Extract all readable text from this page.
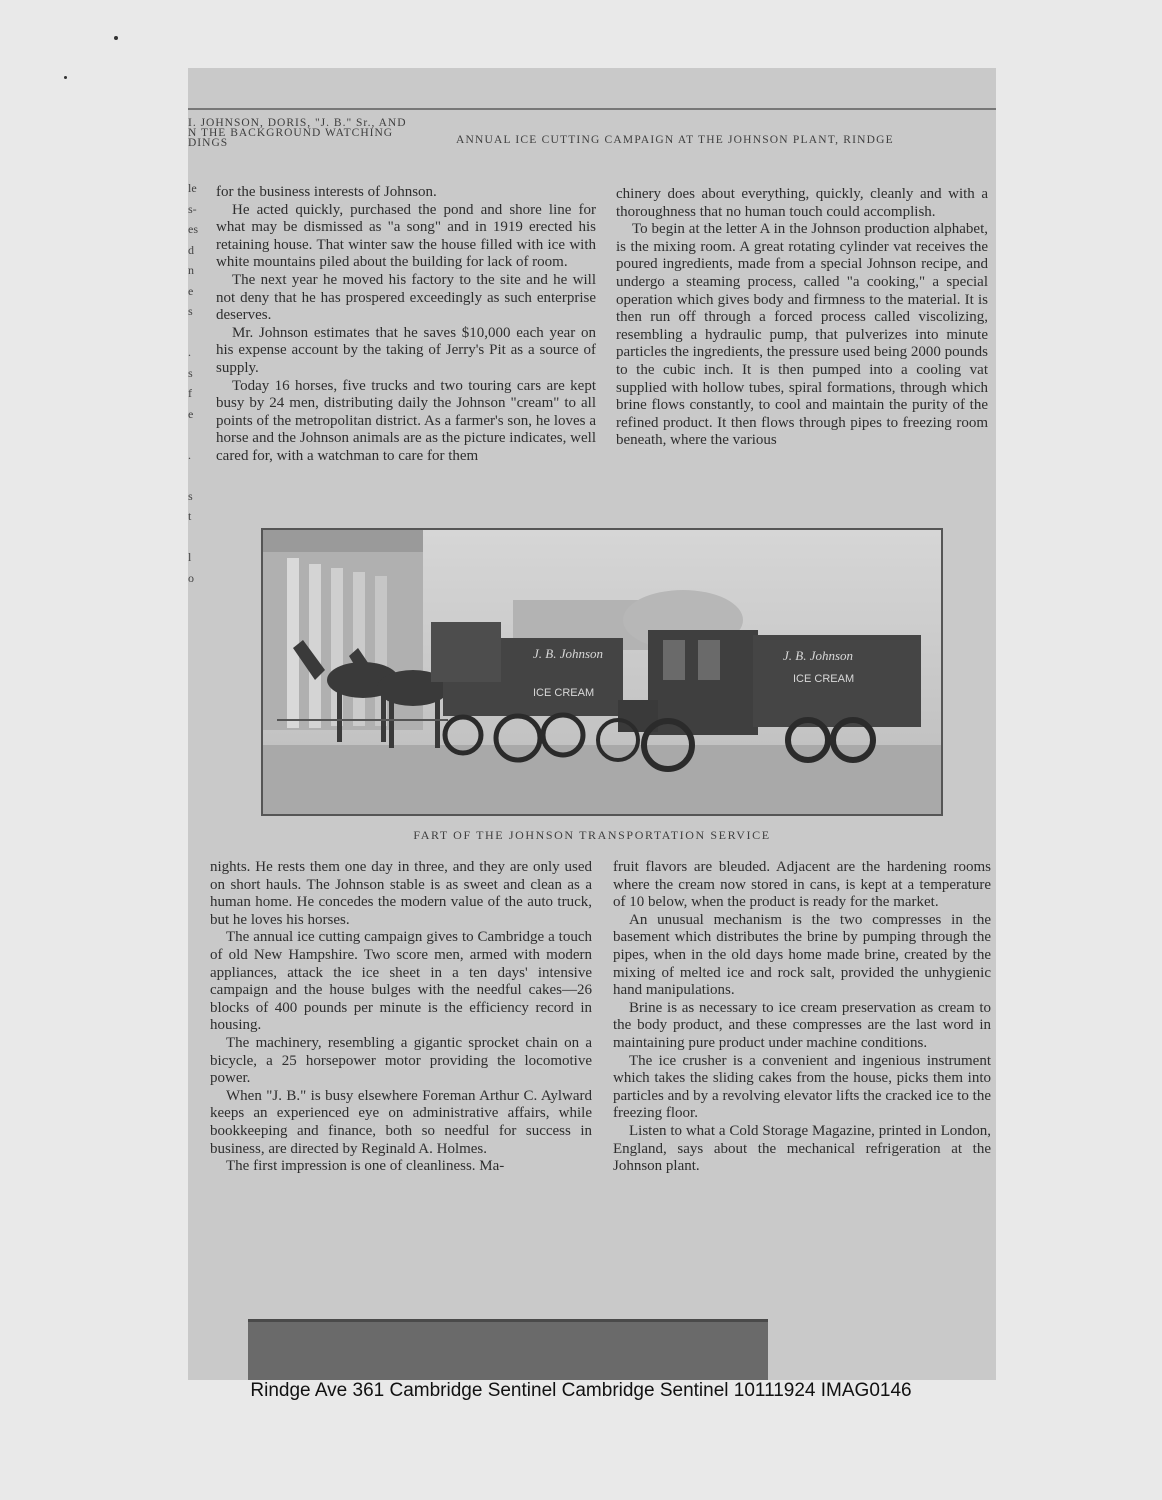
I. JOHNSON, DORIS, "J. B." Sr., AND
N THE BACKGROUND WATCHING
DINGS	ANNUAL ICE CUTTING CAMPAIGN AT THE JOHNSON PLANT, RINDGE
le
s-
es
d
n
e
s

.
s
f
e

.

s
t

l
o

for the business interests of Johnson.

He acted quickly, purchased the pond and shore line for what may be dismissed as "a song" and in 1919 erected his retaining house. That winter saw the house filled with ice with white mountains piled about the building for lack of room.

The next year he moved his factory to the site and he will not deny that he has prospered exceedingly as such enterprise deserves.

Mr. Johnson estimates that he saves $10,000 each year on his expense account by the taking of Jerry's Pit as a source of supply.

Today 16 horses, five trucks and two touring cars are kept busy by 24 men, distributing daily the Johnson "cream" to all points of the metropolitan district. As a farmer's son, he loves a horse and the Johnson animals are as the picture indicates, well cared for, with a watchman to care for them

chinery does about everything, quickly, cleanly and with a thoroughness that no human touch could accomplish.

To begin at the letter A in the Johnson production alphabet, is the mixing room. A great rotating cylinder vat receives the poured ingredients, made from a special Johnson recipe, and undergo a steaming process, called "a cooking," a special operation which gives body and firmness to the material. It is then run off through a forced process called viscolizing, resembling a hydraulic pump, that pulverizes into minute particles the ingredients, the pressure used being 2000 pounds to the cubic inch. It is then pumped into a cooling vat supplied with hollow tubes, spiral formations, through which brine flows constantly, to cool and maintain the purity of the refined product. It then flows through pipes to freezing room beneath, where the various

J. B. Johnson
ICE CREAM
J. B. Johnson
ICE CREAM
FART OF THE JOHNSON TRANSPORTATION SERVICE

nights. He rests them one day in three, and they are only used on short hauls. The Johnson stable is as sweet and clean as a human home. He concedes the modern value of the auto truck, but he loves his horses.

The annual ice cutting campaign gives to Cambridge a touch of old New Hampshire. Two score men, armed with modern appliances, attack the ice sheet in a ten days' intensive campaign and the house bulges with the needful cakes—26 blocks of 400 pounds per minute is the efficiency record in housing.

The machinery, resembling a gigantic sprocket chain on a bicycle, a 25 horsepower motor providing the locomotive power.

When "J. B." is busy elsewhere Foreman Arthur C. Aylward keeps an experienced eye on administrative affairs, while bookkeeping and finance, both so needful for success in business, are directed by Reginald A. Holmes.

The first impression is one of cleanliness. Ma-

fruit flavors are bleuded. Adjacent are the hardening rooms where the cream now stored in cans, is kept at a temperature of 10 below, when the product is ready for the market.

An unusual mechanism is the two compresses in the basement which distributes the brine by pumping through the pipes, when in the old days home made brine, created by the mixing of melted ice and rock salt, provided the unhygienic hand manipulations.

Brine is as necessary to ice cream preservation as cream to the body product, and these compresses are the last word in maintaining pure product under machine conditions.

The ice crusher is a convenient and ingenious instrument which takes the sliding cakes from the house, picks them into particles and by a revolving elevator lifts the cracked ice to the freezing floor.

Listen to what a Cold Storage Magazine, printed in London, England, says about the mechanical refrigeration at the Johnson plant.

Rindge Ave 361 Cambridge Sentinel Cambridge Sentinel 10111924 IMAG0146
